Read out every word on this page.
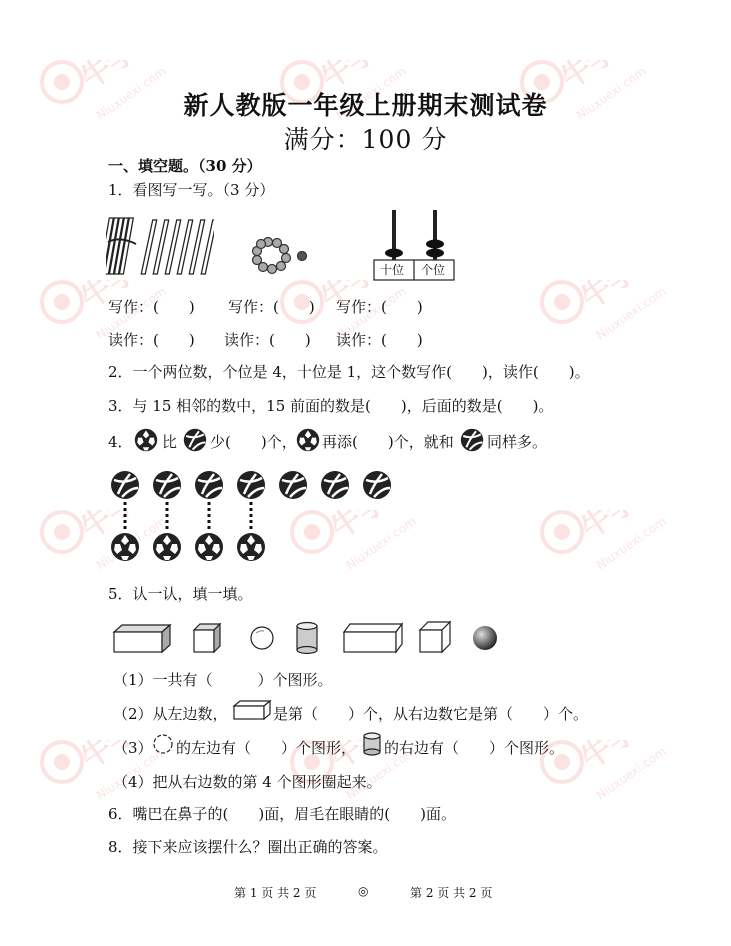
新人教版一年级上册期末测试卷
满分：100 分
一、填空题。（30 分）
1．看图写一写。（3 分）
十位 个位
写作：(　　) 写作：(　　) 写作：(　　)
读作：(　　) 读作：(　　) 读作：(　　)
2．一个两位数，个位是 4，十位是 1，这个数写作(　　)，读作(　　)。
3．与 15 相邻的数中，15 前面的数是(　　)，后面的数是(　　)。
4． 比 少(　　)个， 再添(　　)个，就和 同样多。
5．认一认，填一填。
（1）一共有（　　　）个图形。
（2）从左边数，	是第（　　）个，从右边数它是第（　　）个。
（3） 的左边有（　　）个图形， 的右边有（　　）个图形。
（4）把从右边数的第 4 个图形圈起来。
6．嘴巴在鼻子的(　　)面，眉毛在眼睛的(　　)面。
8．接下来应该摆什么？圈出正确的答案。
第 1 页 共 2 页	◎	第 2 页 共 2 页
